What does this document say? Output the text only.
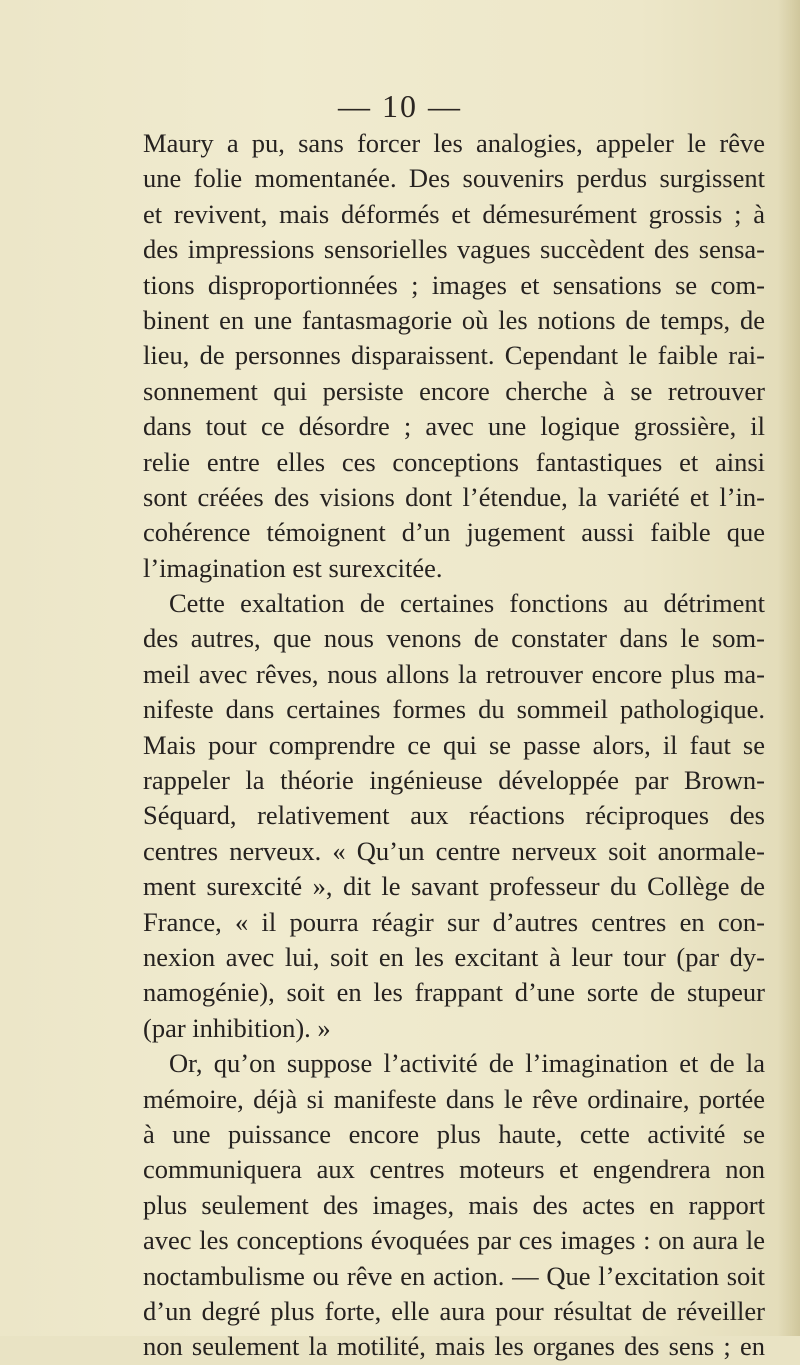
— 10 —
Maury a pu, sans forcer les analogies, appeler le rêve
une folie momentanée. Des souvenirs perdus surgissent
et revivent, mais déformés et démesurément grossis ; à
des impressions sensorielles vagues succèdent des sensa-
tions disproportionnées ; images et sensations se com-
binent en une fantasmagorie où les notions de temps, de
lieu, de personnes disparaissent. Cependant le faible rai-
sonnement qui persiste encore cherche à se retrouver
dans tout ce désordre ; avec une logique grossière, il
relie entre elles ces conceptions fantastiques et ainsi
sont créées des visions dont l’étendue, la variété et l’in-
cohérence témoignent d’un jugement aussi faible que
l’imagination est surexcitée.
Cette exaltation de certaines fonctions au détriment
des autres, que nous venons de constater dans le som-
meil avec rêves, nous allons la retrouver encore plus ma-
nifeste dans certaines formes du sommeil pathologique.
Mais pour comprendre ce qui se passe alors, il faut se
rappeler la théorie ingénieuse développée par Brown-
Séquard, relativement aux réactions réciproques des
centres nerveux. « Qu’un centre nerveux soit anormale-
ment surexcité », dit le savant professeur du Collège de
France, « il pourra réagir sur d’autres centres en con-
nexion avec lui, soit en les excitant à leur tour (par dy-
namogénie), soit en les frappant d’une sorte de stupeur
(par inhibition). »
Or, qu’on suppose l’activité de l’imagination et de la
mémoire, déjà si manifeste dans le rêve ordinaire, portée
à une puissance encore plus haute, cette activité se
communiquera aux centres moteurs et engendrera non
plus seulement des images, mais des actes en rapport
avec les conceptions évoquées par ces images : on aura le
noctambulisme ou rêve en action. — Que l’excitation soit
d’un degré plus forte, elle aura pour résultat de réveiller
non seulement la motilité, mais les organes des sens ; en
